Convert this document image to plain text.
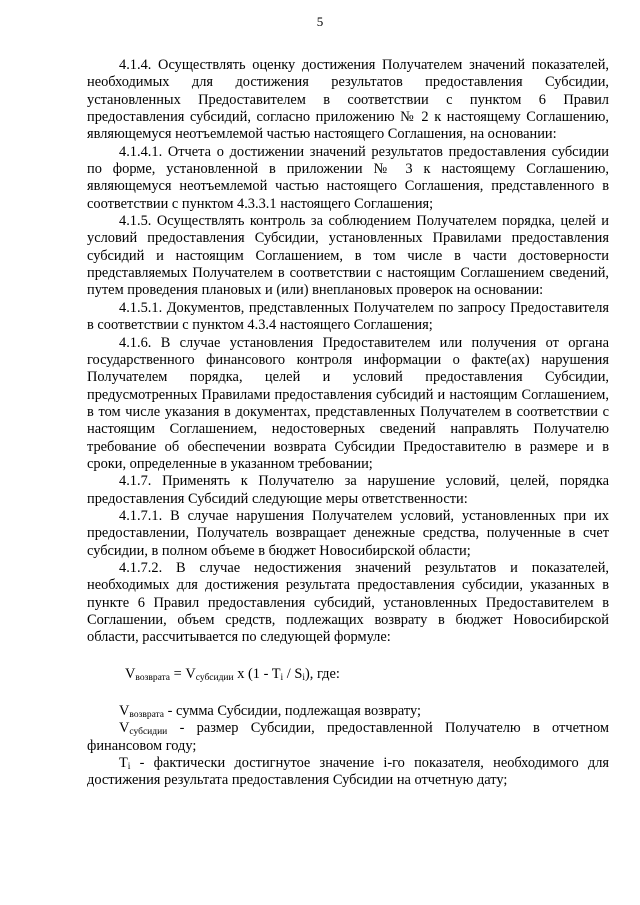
5

4.1.4. Осуществлять оценку достижения Получателем значений показателей, необходимых для достижения результатов предоставления Субсидии, установленных Предоставителем в соответствии с пунктом 6 Правил предоставления субсидий, согласно приложению № 2 к настоящему Соглашению, являющемуся неотъемлемой частью настоящего Соглашения, на основании:

4.1.4.1. Отчета о достижении значений результатов предоставления субсидии по форме, установленной в приложении № 3 к настоящему Соглашению, являющемуся неотъемлемой частью настоящего Соглашения, представленного в соответствии с пунктом 4.3.3.1 настоящего Соглашения;

4.1.5. Осуществлять контроль за соблюдением Получателем порядка, целей и условий предоставления Субсидии, установленных Правилами предоставления субсидий и настоящим Соглашением, в том числе в части достоверности представляемых Получателем в соответствии с настоящим Соглашением сведений, путем проведения плановых и (или) внеплановых проверок на основании:

4.1.5.1. Документов, представленных Получателем по запросу Предоставителя в соответствии с пунктом 4.3.4 настоящего Соглашения;

4.1.6. В случае установления Предоставителем или получения от органа государственного финансового контроля информации о факте(ах) нарушения Получателем порядка, целей и условий предоставления Субсидии, предусмотренных Правилами предоставления субсидий и настоящим Соглашением, в том числе указания в документах, представленных Получателем в соответствии с настоящим Соглашением, недостоверных сведений направлять Получателю требование об обеспечении возврата Субсидии Предоставителю в размере и в сроки, определенные в указанном требовании;

4.1.7. Применять к Получателю за нарушение условий, целей, порядка предоставления Субсидий следующие меры ответственности:

4.1.7.1. В случае нарушения Получателем условий, установленных при их предоставлении, Получатель возвращает денежные средства, полученные в счет субсидии, в полном объеме в бюджет Новосибирской области;

4.1.7.2. В случае недостижения значений результатов и показателей, необходимых для достижения результата предоставления субсидии, указанных в пункте 6 Правил предоставления субсидий, установленных Предоставителем в Соглашении, объем средств, подлежащих возврату в бюджет Новосибирской области, рассчитывается по следующей формуле:

$V_{возврата} = V_{субсидии}$ x $(1 - T_i / S_i)$, где:

$V_{возврата}$ - сумма Субсидии, подлежащая возврату;

$V_{субсидии}$ - размер Субсидии, предоставленной Получателю в отчетном финансовом году;

$T_i$ - фактически достигнутое значение i-го показателя, необходимого для достижения результата предоставления Субсидии на отчетную дату;
